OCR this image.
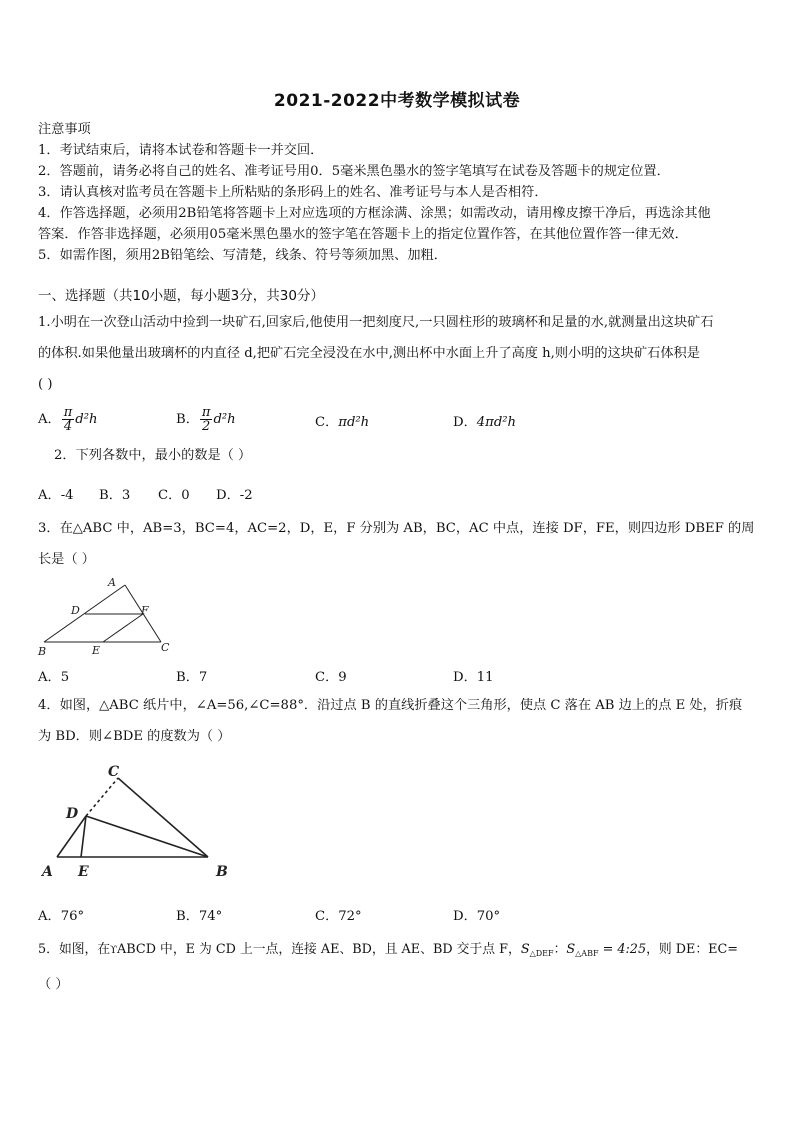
2021-2022中考数学模拟试卷
注意事项
1．考试结束后，请将本试卷和答题卡一并交回．
2．答题前，请务必将自己的姓名、准考证号用0．5毫米黑色墨水的签字笔填写在试卷及答题卡的规定位置．
3．请认真核对监考员在答题卡上所粘贴的条形码上的姓名、准考证号与本人是否相符．
4．作答选择题，必须用2B铅笔将答题卡上对应选项的方框涂满、涂黑；如需改动，请用橡皮擦干净后，再选涂其他
答案．作答非选择题，必须用05毫米黑色墨水的签字笔在答题卡上的指定位置作答，在其他位置作答一律无效．
5．如需作图，须用2B铅笔绘、写清楚，线条、符号等须加黑、加粗．
一、选择题（共10小题，每小题3分，共30分）
1.小明在一次登山活动中捡到一块矿石,回家后,他使用一把刻度尺,一只圆柱形的玻璃杯和足量的水,就测量出这块矿石
的体积.如果他量出玻璃杯的内直径 d,把矿石完全浸没在水中,测出杯中水面上升了高度 h,则小明的这块矿石体积是
( )
A． $\frac{\pi}{4} d^2h$	B． $\frac{\pi}{2} d^2h$	C．πd²h	D．4πd²h
2．下列各数中，最小的数是（ ）
A．-4 B．3 C．0 D．-2
3．在△ABC 中，AB=3，BC=4，AC=2，D，E，F 分别为 AB，BC，AC 中点，连接 DF，FE，则四边形 DBEF 的周
长是（ ）
A
D	F
B	E	C
A．5	B．7	C．9	D．11
4．如图，△ABC 纸片中，∠A=56,∠C=88°．沿过点 B 的直线折叠这个三角形，使点 C 落在 AB 边上的点 E 处，折痕
为 BD．则∠BDE 的度数为（ ）
C
D
A E	B
A．76°	B．74°	C．72°	D．70°
5．如图，在ϒABCD 中，E 为 CD 上一点，连接 AE、BD，且 AE、BD 交于点 F，$S_{\triangle DEF}$：$S_{\triangle ABF}$ = 4:25，则 DE：EC=
（ ）
